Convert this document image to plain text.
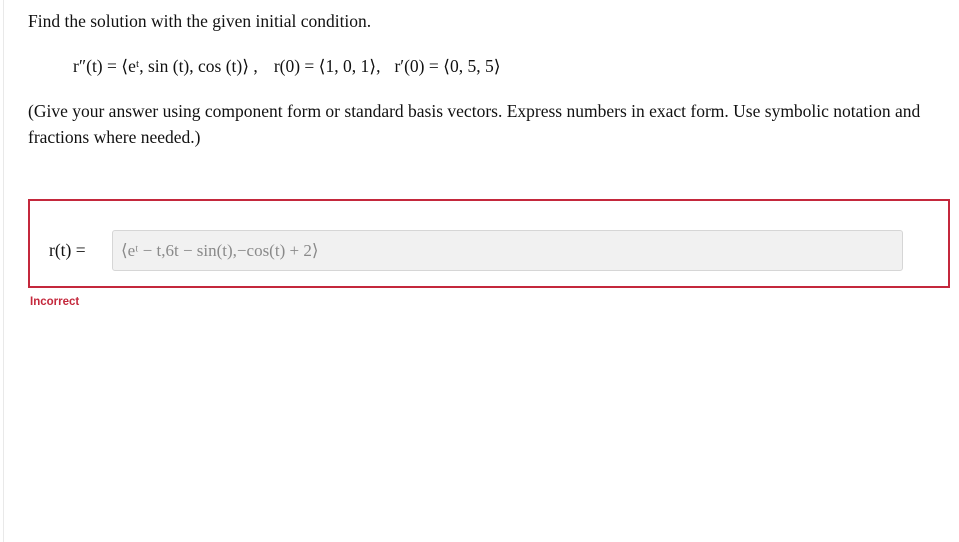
Find the solution with the given initial condition.
r″(t) = ⟨eᵗ, sin (t), cos (t)⟩ , r(0) = ⟨1, 0, 1⟩, r′(0) = ⟨0, 5, 5⟩
(Give your answer using component form or standard basis vectors. Express numbers in exact form. Use symbolic notation and fractions where needed.)
r(t) = ⟨eᵗ − t,6t − sin(t),−cos(t) + 2⟩
Incorrect
